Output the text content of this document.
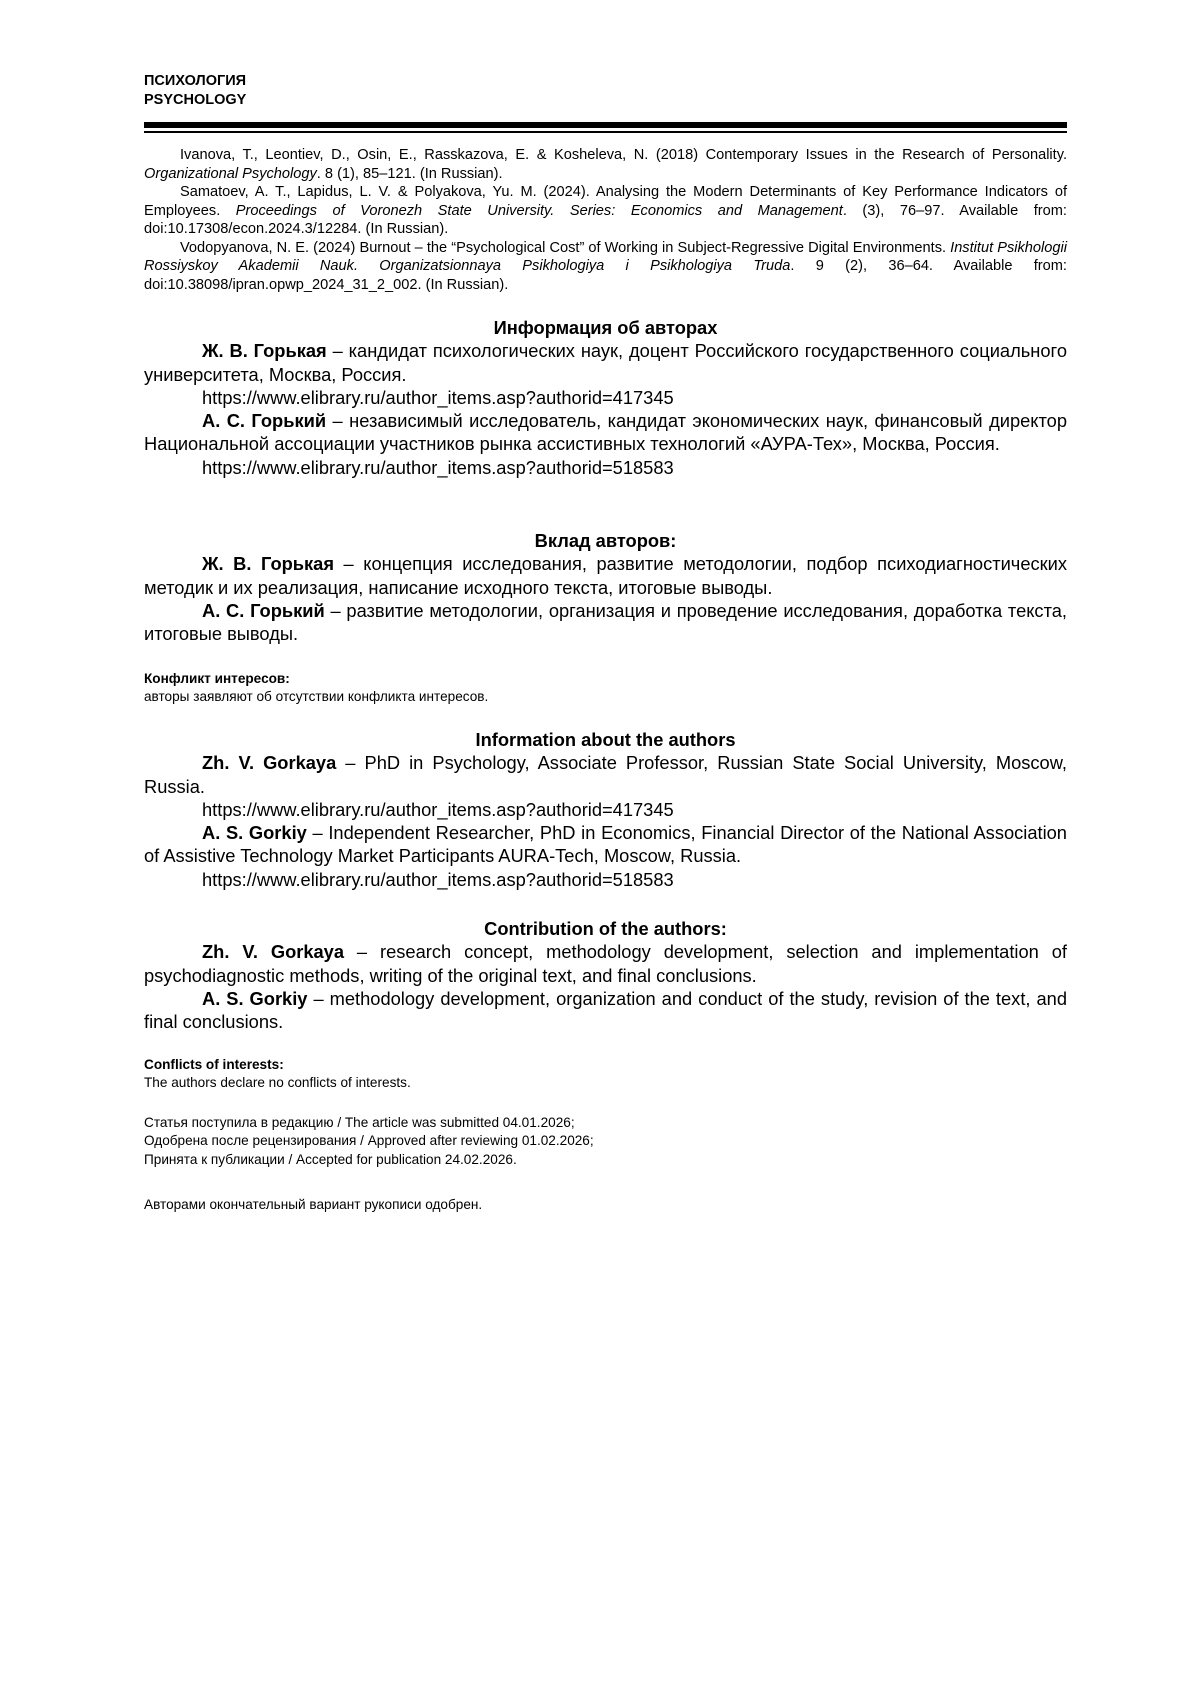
ПСИХОЛОГИЯ
PSYCHOLOGY

Ivanova, T., Leontiev, D., Osin, E., Rasskazova, E. & Kosheleva, N. (2018) Contemporary Issues in the Research of Personality. Organizational Psychology. 8 (1), 85–121. (In Russian).

Samatoev, A. T., Lapidus, L. V. & Polyakova, Yu. M. (2024). Analysing the Modern Determinants of Key Performance Indicators of Employees. Proceedings of Voronezh State University. Series: Economics and Management. (3), 76–97. Available from: doi:10.17308/econ.2024.3/12284. (In Russian).

Vodopyanova, N. E. (2024) Burnout – the “Psychological Cost” of Working in Subject-Regressive Digital Environments. Institut Psikhologii Rossiyskoy Akademii Nauk. Organizatsionnaya Psikhologiya i Psikhologiya Truda. 9 (2), 36–64. Available from: doi:10.38098/ipran.opwp_2024_31_2_002. (In Russian).

Информация об авторах

Ж. В. Горькая – кандидат психологических наук, доцент Российского государственного социального университета, Москва, Россия.

https://www.elibrary.ru/author_items.asp?authorid=417345

А. С. Горький – независимый исследователь, кандидат экономических наук, финансовый директор Национальной ассоциации участников рынка ассистивных технологий «АУРА-Тех», Москва, Россия.

https://www.elibrary.ru/author_items.asp?authorid=518583

Вклад авторов:

Ж. В. Горькая – концепция исследования, развитие методологии, подбор психодиагностических методик и их реализация, написание исходного текста, итоговые выводы.

А. С. Горький – развитие методологии, организация и проведение исследования, доработка текста, итоговые выводы.

Конфликт интересов:

авторы заявляют об отсутствии конфликта интересов.

Information about the authors

Zh. V. Gorkaya – PhD in Psychology, Associate Professor, Russian State Social University, Moscow, Russia.

https://www.elibrary.ru/author_items.asp?authorid=417345

A. S. Gorkiy – Independent Researcher, PhD in Economics, Financial Director of the National Association of Assistive Technology Market Participants AURA-Tech, Moscow, Russia.

https://www.elibrary.ru/author_items.asp?authorid=518583

Contribution of the authors:

Zh. V. Gorkaya – research concept, methodology development, selection and implementation of psychodiagnostic methods, writing of the original text, and final conclusions.

A. S. Gorkiy – methodology development, organization and conduct of the study, revision of the text, and final conclusions.

Conflicts of interests:

The authors declare no conflicts of interests.

Статья поступила в редакцию / The article was submitted 04.01.2026;

Одобрена после рецензирования / Approved after reviewing 01.02.2026;

Принята к публикации / Accepted for publication 24.02.2026.

Авторами окончательный вариант рукописи одобрен.
